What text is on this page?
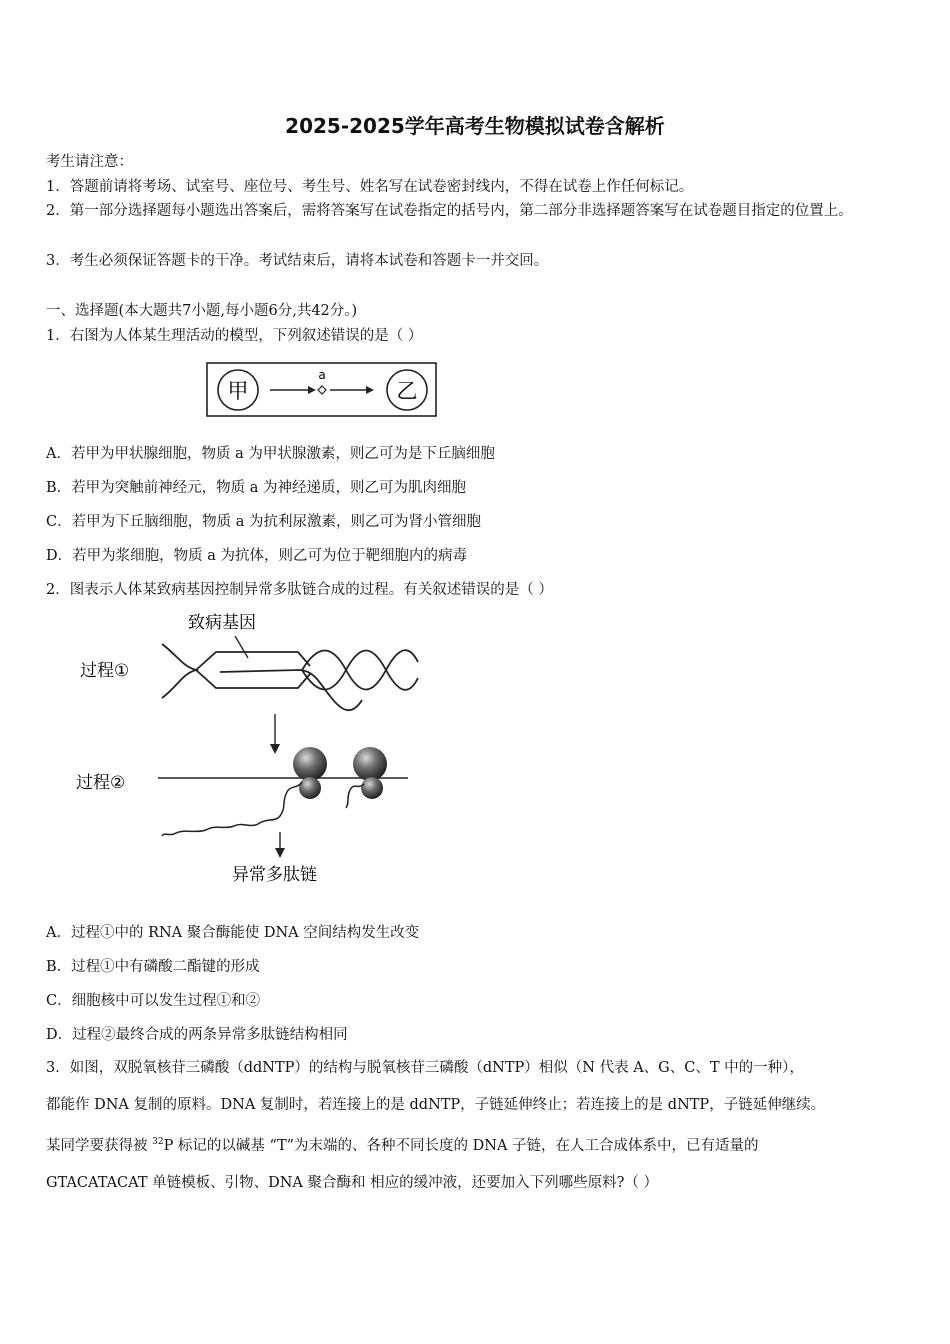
2025-2025学年高考生物模拟试卷含解析
考生请注意：
1．答题前请将考场、试室号、座位号、考生号、姓名写在试卷密封线内，不得在试卷上作任何标记。
2．第一部分选择题每小题选出答案后，需将答案写在试卷指定的括号内，第二部分非选择题答案写在试卷题目指定的位置上。
3．考生必须保证答题卡的干净。考试结束后，请将本试卷和答题卡一并交回。
一、选择题(本大题共7小题,每小题6分,共42分。)
1．右图为人体某生理活动的模型，下列叙述错误的是（ ）
甲
a
乙
A．若甲为甲状腺细胞，物质 a 为甲状腺激素，则乙可为是下丘脑细胞
B．若甲为突触前神经元，物质 a 为神经递质，则乙可为肌肉细胞
C．若甲为下丘脑细胞，物质 a 为抗利尿激素，则乙可为肾小管细胞
D．若甲为浆细胞，物质 a 为抗体，则乙可为位于靶细胞内的病毒
2．图表示人体某致病基因控制异常多肽链合成的过程。有关叙述错误的是（ ）
致病基因
过程①
过程②
异常多肽链
A．过程①中的 RNA 聚合酶能使 DNA 空间结构发生改变
B．过程①中有磷酸二酯键的形成
C．细胞核中可以发生过程①和②
D．过程②最终合成的两条异常多肽链结构相同
3．如图，双脱氧核苷三磷酸（ddNTP）的结构与脱氧核苷三磷酸（dNTP）相似（N 代表 A、G、C、T 中的一种），
都能作 DNA 复制的原料。DNA 复制时，若连接上的是 ddNTP，子链延伸终止；若连接上的是 dNTP，子链延伸继续。
某同学要获得被 $^{32}$P 标记的以碱基 “T”为末端的、各种不同长度的 DNA 子链，在人工合成体系中，已有适量的
GTACATACAT 单链模板、引物、DNA 聚合酶和 相应的缓冲液，还要加入下列哪些原料?（ ）
